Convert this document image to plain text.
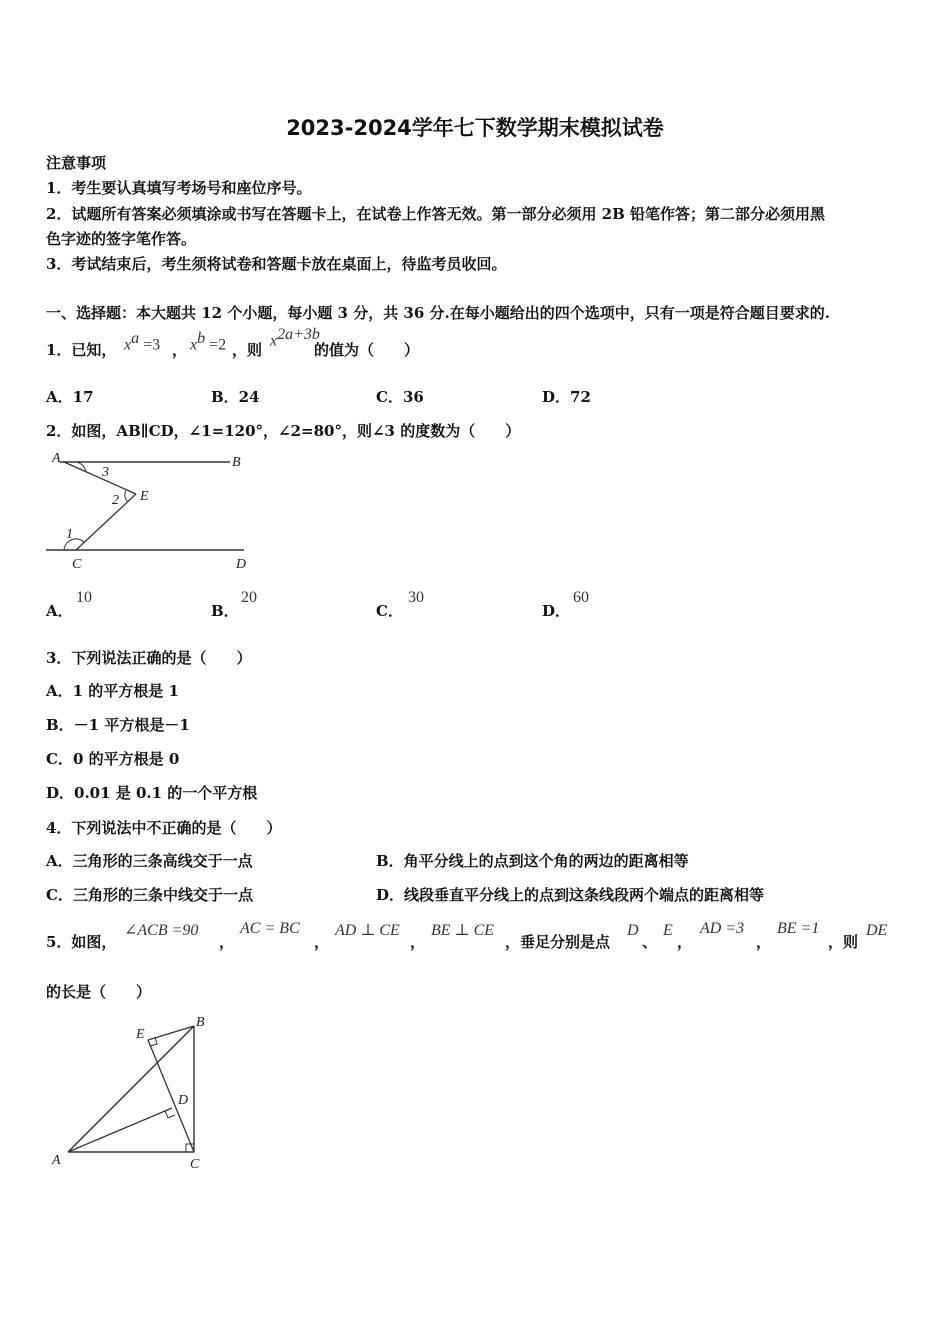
2023-2024学年七下数学期末模拟试卷
注意事项
1．考生要认真填写考场号和座位序号。
2．试题所有答案必须填涂或书写在答题卡上，在试卷上作答无效。第一部分必须用 2B 铅笔作答；第二部分必须用黑
色字迹的签字笔作答。
3．考试结束后，考生须将试卷和答题卡放在桌面上，待监考员收回。
一、选择题：本大题共 12 个小题，每小题 3 分，共 36 分.在每小题给出的四个选项中，只有一项是符合题目要求的.
1．已知， $x^a =3$ ， $x^b =2$ ，则
$x^{2a+3b}$
的值为（　　）
A．17	B．24	C．36	D．72
2．如图，AB∥CD，∠1=120°，∠2=80°，则∠3 的度数为（　　）
A	B
3
2 E
1
C	D
A．
10
B．
20
C．
30
D．
60
3．下列说法正确的是（　　）
A．1 的平方根是 1
B．－1 平方根是－1
C．0 的平方根是 0
D．0.01 是 0.1 的一个平方根
4．下列说法中不正确的是（　　）
A．三角形的三条高线交于一点	B．角平分线上的点到这个角的两边的距离相等
C．三角形的三条中线交于一点	D．线段垂直平分线上的点到这条线段两个端点的距离相等
5．如图，
∠ACB =90
，
AC = BC
，
AD ⊥ CE
，
BE ⊥ CE
，垂足分别是点
D
、
E
，
AD =3
，
BE =1
，则
DE
的长是（　　）
E
B
D
A	C
